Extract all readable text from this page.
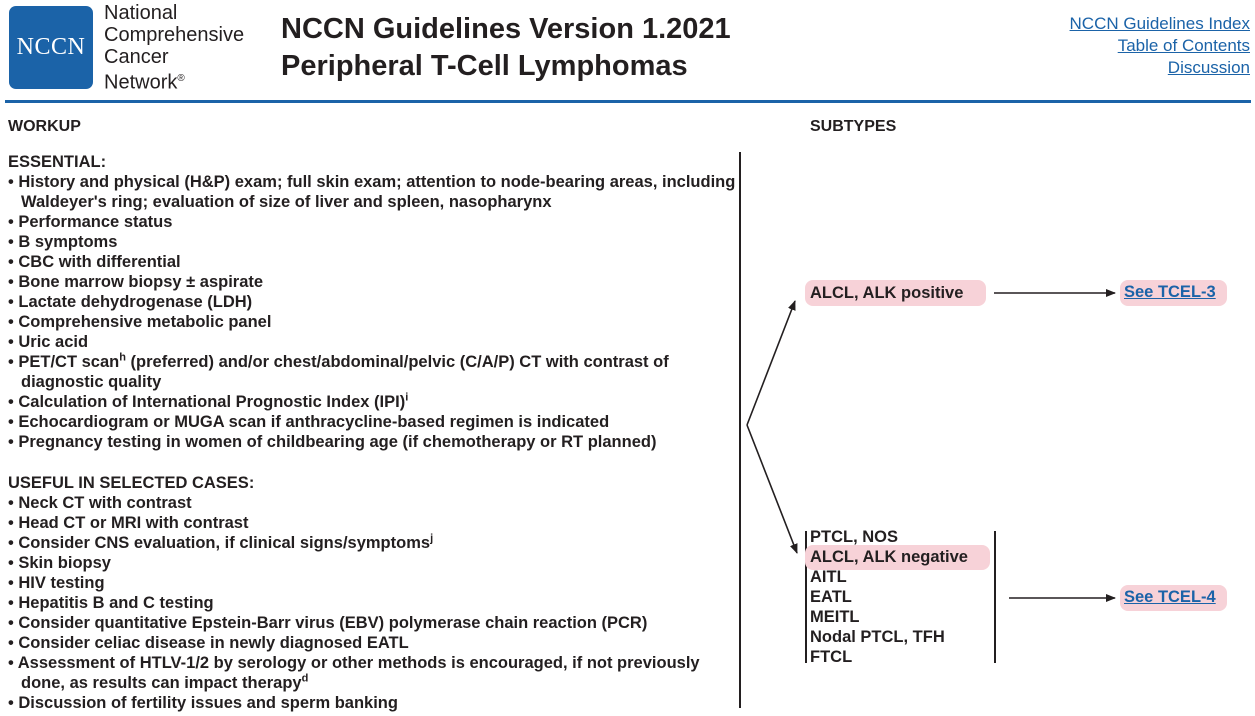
NCCN
National
Comprehensive
Cancer
Network®
NCCN Guidelines Version 1.2021
Peripheral T-Cell Lymphomas
NCCN Guidelines Index
Table of Contents
Discussion
WORKUP	SUBTYPES
ESSENTIAL:
• History and physical (H&P) exam; full skin exam; attention to node-bearing areas, including Waldeyer's ring; evaluation of size of liver and spleen, nasopharynx
• Performance status
• B symptoms
• CBC with differential
• Bone marrow biopsy ± aspirate
• Lactate dehydrogenase (LDH)
• Comprehensive metabolic panel
• Uric acid
• PET/CT scan$^h$ (preferred) and/or chest/abdominal/pelvic (C/A/P) CT with contrast of diagnostic quality
• Calculation of International Prognostic Index (IPI)$^i$
• Echocardiogram or MUGA scan if anthracycline-based regimen is indicated
• Pregnancy testing in women of childbearing age (if chemotherapy or RT planned)
USEFUL IN SELECTED CASES:
• Neck CT with contrast
• Head CT or MRI with contrast
• Consider CNS evaluation, if clinical signs/symptoms$^j$
• Skin biopsy
• HIV testing
• Hepatitis B and C testing
• Consider quantitative Epstein-Barr virus (EBV) polymerase chain reaction (PCR)
• Consider celiac disease in newly diagnosed EATL
• Assessment of HTLV-1/2 by serology or other methods is encouraged, if not previously done, as results can impact therapy$^d$
• Discussion of fertility issues and sperm banking
ALCL, ALK positive	See TCEL-3
PTCL, NOS
ALCL, ALK negative
AITL
EATL
MEITL
Nodal PTCL, TFH
FTCL
See TCEL-4
